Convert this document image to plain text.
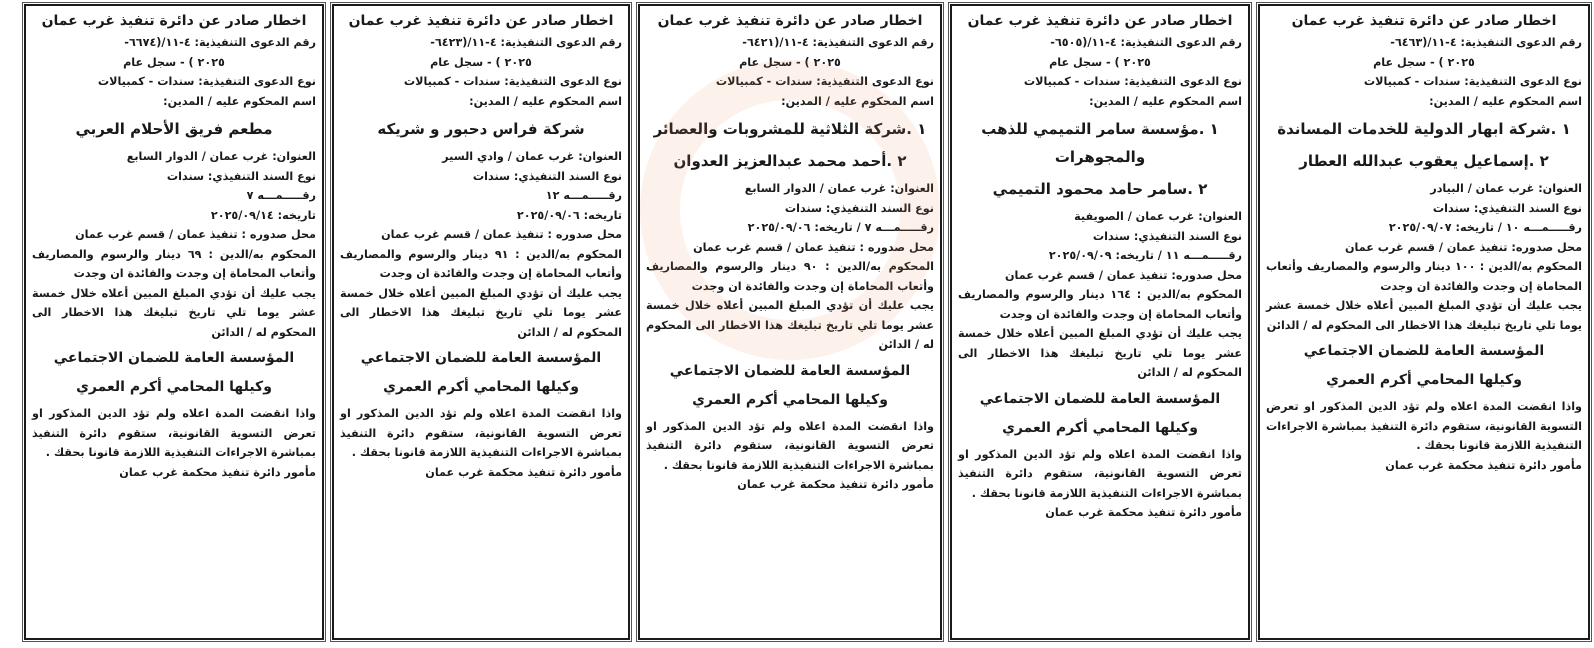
اخطار صادر عن دائرة تنفيذ غرب عمان
رقم الدعوى التنفيذية: ٤-١١/(٦٤٦٣-
٢٠٢٥ ) - سجل عام
نوع الدعوى التنفيذية: سندات - كمبيالات
اسم المحكوم عليه / المدين:
١ .شركة ابهار الدولية للخدمات المساندة
٢ .إسماعيل يعقوب عبدالله العطار
العنوان: غرب عمان / البيادر
نوع السند التنفيذي: سندات
رقـــــمـــه ١٠ / تاريخه: ٢٠٢٥/٠٩/٠٧
محل صدوره: تنفيذ عمان / قسم غرب عمان
المحكوم به/الدين : ١٠٠ دينار والرسوم والمصاريف وأتعاب المحاماة إن وجدت والفائدة ان وجدت
يجب عليك أن تؤدي المبلغ المبين أعلاه خلال خمسة عشر يوما تلي تاريخ تبليغك هذا الاخطار الى المحكوم له / الدائن
المؤسسة العامة للضمان الاجتماعي
وكيلها المحامي أكرم العمري
واذا انقضت المدة اعلاه ولم تؤد الدين المذكور او تعرض التسوية القانونية، ستقوم دائرة التنفيذ بمباشرة الاجراءات التنفيذية اللازمة قانونا بحقك .
مأمور دائرة تنفيذ محكمة غرب عمان
اخطار صادر عن دائرة تنفيذ غرب عمان
رقم الدعوى التنفيذية: ٤-١١/(٦٥٠٥-
٢٠٢٥ ) - سجل عام
نوع الدعوى التنفيذية: سندات - كمبيالات
اسم المحكوم عليه / المدين:
١ .مؤسسة سامر التميمي للذهب والمجوهرات
٢ .سامر حامد محمود التميمي
العنوان: غرب عمان / الصويفية
نوع السند التنفيذي: سندات
رقـــــمـــه ١١ / تاريخه: ٢٠٢٥/٠٩/٠٩
محل صدوره: تنفيذ عمان / قسم غرب عمان
المحكوم به/الدين : ١٦٤ دينار والرسوم والمصاريف وأتعاب المحاماة إن وجدت والفائدة ان وجدت
يجب عليك أن تؤدي المبلغ المبين أعلاه خلال خمسة عشر يوما تلي تاريخ تبليغك هذا الاخطار الى المحكوم له / الدائن
المؤسسة العامة للضمان الاجتماعي
وكيلها المحامي أكرم العمري
واذا انقضت المدة اعلاه ولم تؤد الدين المذكور او تعرض التسوية القانونية، ستقوم دائرة التنفيذ بمباشرة الاجراءات التنفيذية اللازمة قانونا بحقك .
مأمور دائرة تنفيذ محكمة غرب عمان
اخطار صادر عن دائرة تنفيذ غرب عمان
رقم الدعوى التنفيذية: ٤-١١/(٦٤٢١-
٢٠٢٥ ) - سجل عام
نوع الدعوى التنفيذية: سندات - كمبيالات
اسم المحكوم عليه / المدين:
١ .شركة الثلاثية للمشروبات والعصائر
٢ .أحمد محمد عبدالعزيز العدوان
العنوان: غرب عمان / الدوار السابع
نوع السند التنفيذي: سندات
رقـــــمـــه ٧ / تاريخه: ٢٠٢٥/٠٩/٠٦
محل صدوره : تنفيذ عمان / قسم غرب عمان
المحكوم به/الدين : ٩٠ دينار والرسوم والمصاريف وأتعاب المحاماة إن وجدت والفائدة ان وجدت
يجب عليك أن تؤدي المبلغ المبين أعلاه خلال خمسة عشر يوما تلي تاريخ تبليغك هذا الاخطار الى المحكوم له / الدائن
المؤسسة العامة للضمان الاجتماعي
وكيلها المحامي أكرم العمري
واذا انقضت المدة اعلاه ولم تؤد الدين المذكور او تعرض التسوية القانونية، ستقوم دائرة التنفيذ بمباشرة الاجراءات التنفيذية اللازمة قانونا بحقك .
مأمور دائرة تنفيذ محكمة غرب عمان
اخطار صادر عن دائرة تنفيذ غرب عمان
رقم الدعوى التنفيذية: ٤-١١/(٦٤٢٣-
٢٠٢٥ ) - سجل عام
نوع الدعوى التنفيذية: سندات - كمبيالات
اسم المحكوم عليه / المدين:
شركة فراس دحبور و شريكه
العنوان: غرب عمان / وادي السير
نوع السند التنفيذي: سندات
رقـــــمـــه ١٢
تاريخه: ٢٠٢٥/٠٩/٠٦
محل صدوره : تنفيذ عمان / قسم غرب عمان
المحكوم به/الدين : ٩١ دينار والرسوم والمصاريف وأتعاب المحاماة إن وجدت والفائدة ان وجدت
يجب عليك أن تؤدي المبلغ المبين أعلاه خلال خمسة عشر يوما تلي تاريخ تبليغك هذا الاخطار الى المحكوم له / الدائن
المؤسسة العامة للضمان الاجتماعي
وكيلها المحامي أكرم العمري
واذا انقضت المدة اعلاه ولم تؤد الدين المذكور او تعرض التسوية القانونية، ستقوم دائرة التنفيذ بمباشرة الاجراءات التنفيذية اللازمة قانونا بحقك .
مأمور دائرة تنفيذ محكمة غرب عمان
اخطار صادر عن دائرة تنفيذ غرب عمان
رقم الدعوى التنفيذية: ٤-١١/(٦٦٧٤-
٢٠٢٥ ) - سجل عام
نوع الدعوى التنفيذية: سندات - كمبيالات
اسم المحكوم عليه / المدين:
مطعم فريق الأحلام العربي
العنوان: غرب عمان / الدوار السابع
نوع السند التنفيذي: سندات
رقـــــمـــه ٧
تاريخه: ٢٠٢٥/٠٩/١٤
محل صدوره : تنفيذ عمان / قسم غرب عمان
المحكوم به/الدين : ٦٩ دينار والرسوم والمصاريف وأتعاب المحاماة إن وجدت والفائدة ان وجدت
يجب عليك أن تؤدي المبلغ المبين أعلاه خلال خمسة عشر يوما تلي تاريخ تبليغك هذا الاخطار الى المحكوم له / الدائن
المؤسسة العامة للضمان الاجتماعي
وكيلها المحامي أكرم العمري
واذا انقضت المدة اعلاه ولم تؤد الدين المذكور او تعرض التسوية القانونية، ستقوم دائرة التنفيذ بمباشرة الاجراءات التنفيذية اللازمة قانونا بحقك .
مأمور دائرة تنفيذ محكمة غرب عمان
